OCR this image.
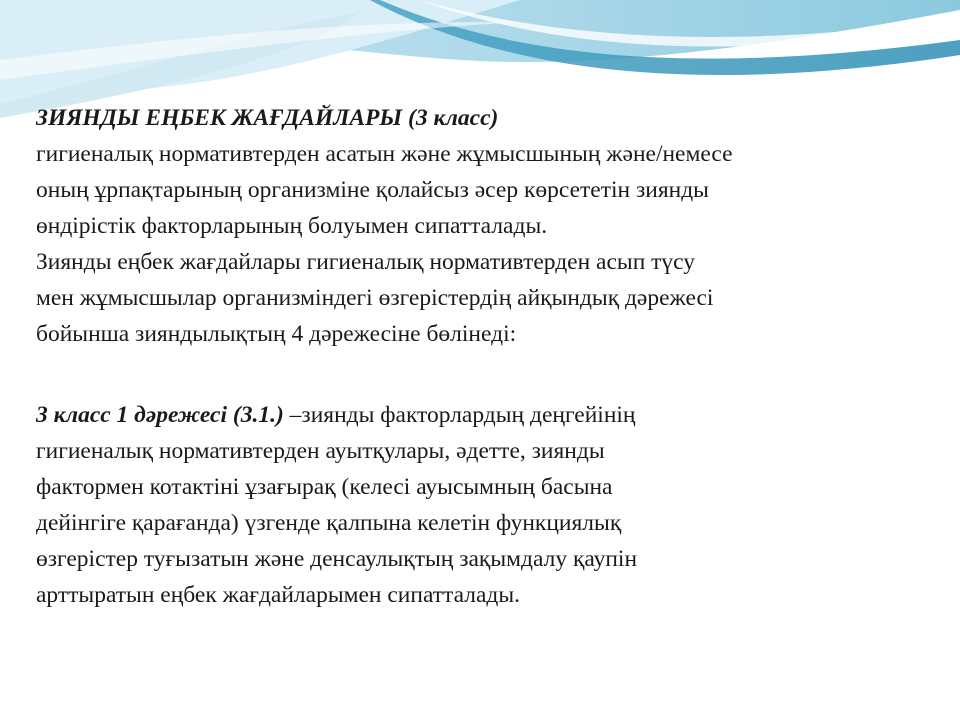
ЗИЯНДЫ ЕҢБЕК ЖАҒДАЙЛАРЫ (3 класс)
гигиеналық нормативтерден асатын және жұмысшының және/немесе
оның ұрпақтарының организміне қолайсыз әсер көрсететін зиянды
өндірістік факторларының болуымен сипатталады.
Зиянды еңбек жағдайлары гигиеналық нормативтерден асып түсу
мен жұмысшылар организміндегі өзгерістердің айқындық дәрежесі
бойынша зияндылықтың 4 дәрежесіне бөлінеді:

3 класс 1 дәрежесі (3.1.) –зиянды факторлардың деңгейінің
гигиеналық нормативтерден ауытқулары, әдетте, зиянды
фактормен котактіні ұзағырақ (келесі ауысымның басына
дейінгіге қарағанда) үзгенде қалпына келетін функциялық
өзгерістер туғызатын және денсаулықтың зақымдалу қаупін
арттыратын еңбек жағдайларымен сипатталады.
